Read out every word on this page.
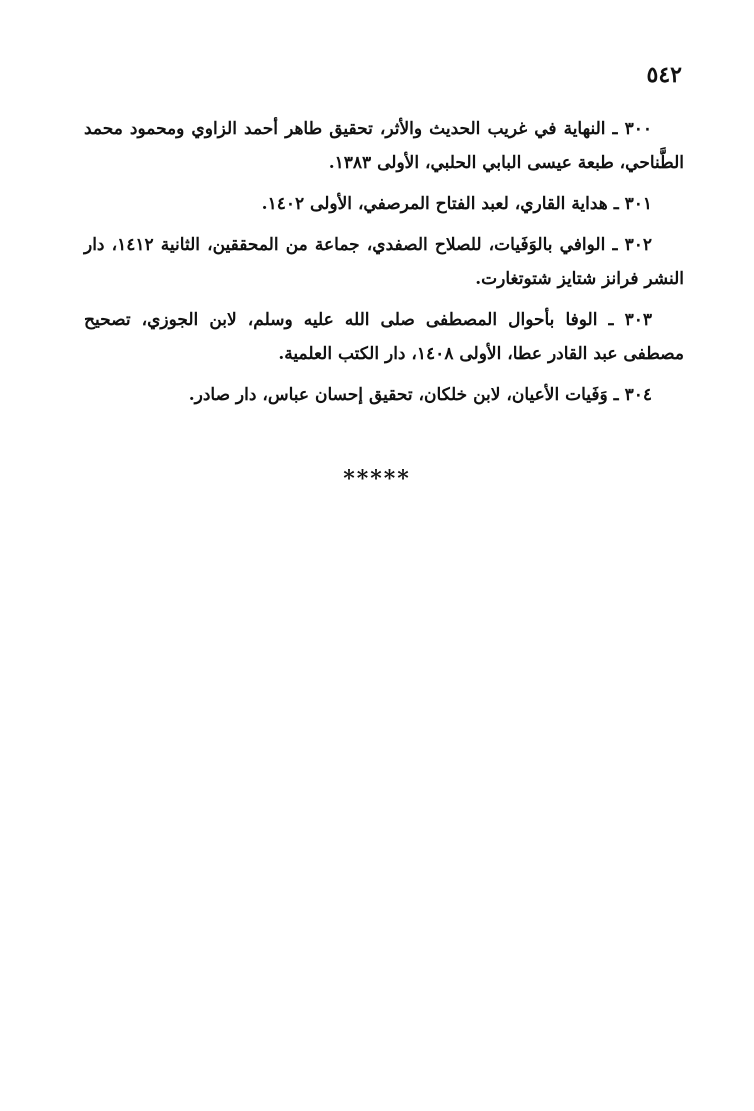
٥٤٢

٣٠٠ ـ النهاية في غريب الحديث والأثر، تحقيق طاهر أحمد الزاوي ومحمود محمد الطَّناحي، طبعة عيسى البابي الحلبي، الأولى ١٣٨٣.

٣٠١ ـ هداية القاري، لعبد الفتاح المرصفي، الأولى ١٤٠٢.

٣٠٢ ـ الوافي بالوَفَيات، للصلاح الصفدي، جماعة من المحققين، الثانية ١٤١٢، دار النشر فرانز شتايز شتوتغارت.

٣٠٣ ـ الوفا بأحوال المصطفى صلى الله عليه وسلم، لابن الجوزي، تصحيح مصطفى عبد القادر عطا، الأولى ١٤٠٨، دار الكتب العلمية.

٣٠٤ ـ وَفَيات الأعيان، لابن خلكان، تحقيق إحسان عباس، دار صادر.

*****
